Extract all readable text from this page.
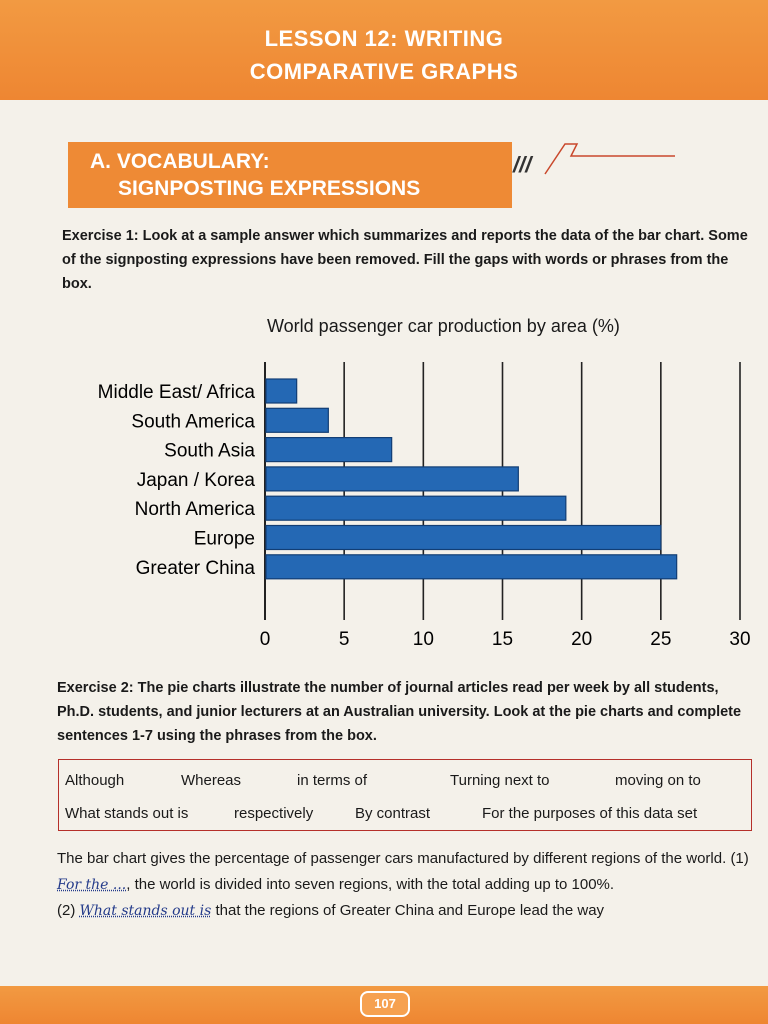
LESSON 12: WRITING
COMPARATIVE GRAPHS
A. VOCABULARY:
SIGNPOSTING EXPRESSIONS
///
Exercise 1: Look at a sample answer which summarizes and reports the data of the bar chart. Some of the signposting expressions have been removed. Fill the gaps with words or phrases from the box.
World passenger car production by area (%)
Middle East/ Africa
South America
South Asia
Japan / Korea
North America
Europe
Greater China
0	5	10	15	20	25	30
Exercise 2: The pie charts illustrate the number of journal articles read per week by all students, Ph.D. students, and junior lecturers at an Australian university. Look at the pie charts and complete sentences 1-7 using the phrases from the box.
Although	Whereas	in terms of	Turning next to	moving on to
What stands out is	respectively	By contrast	For the purposes of this data set
The bar chart gives the percentage of passenger cars manufactured by different regions of the world. (1) For the ..., the world is divided into seven regions, with the total adding up to 100%.
(2) What stands out is that the regions of Greater China and Europe lead the way
107
